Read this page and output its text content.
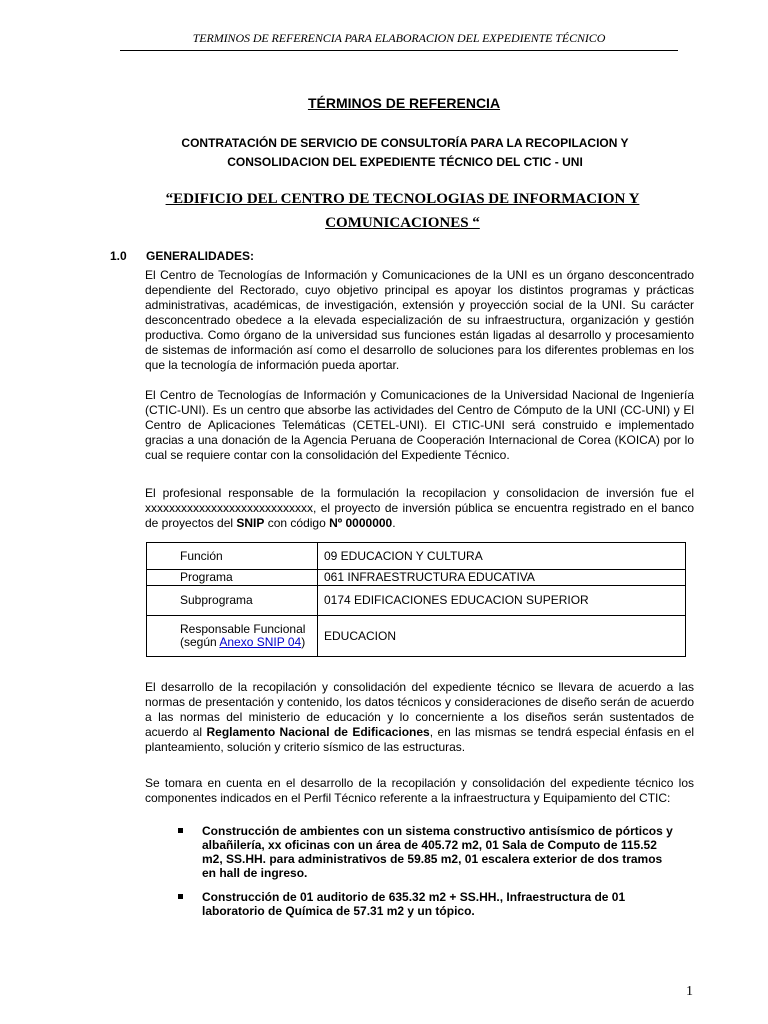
TERMINOS DE REFERENCIA PARA ELABORACION DEL EXPEDIENTE TÉCNICO
TÉRMINOS DE REFERENCIA
CONTRATACIÓN DE SERVICIO DE CONSULTORÍA PARA LA RECOPILACION Y
CONSOLIDACION DEL EXPEDIENTE TÉCNICO DEL CTIC - UNI
“EDIFICIO DEL CENTRO DE TECNOLOGIAS DE INFORMACION Y
COMUNICACIONES “
1.0 GENERALIDADES:
El Centro de Tecnologías de Información y Comunicaciones de la UNI es un órgano desconcentrado dependiente del Rectorado, cuyo objetivo principal es apoyar los distintos programas y prácticas administrativas, académicas, de investigación, extensión y proyección social de la UNI. Su carácter desconcentrado obedece a la elevada especialización de su infraestructura, organización y gestión productiva. Como órgano de la universidad sus funciones están ligadas al desarrollo y procesamiento de sistemas de información así como el desarrollo de soluciones para los diferentes problemas en los que la tecnología de información pueda aportar.
El Centro de Tecnologías de Información y Comunicaciones de la Universidad Nacional de Ingeniería (CTIC-UNI). Es un centro que absorbe las actividades del Centro de Cómputo de la UNI (CC-UNI) y El Centro de Aplicaciones Telemáticas (CETEL-UNI). El CTIC-UNI será construido e implementado gracias a una donación de la Agencia Peruana de Cooperación Internacional de Corea (KOICA) por lo cual se requiere contar con la consolidación del Expediente Técnico.
El profesional responsable de la formulación la recopilacion y consolidacion de inversión fue el xxxxxxxxxxxxxxxxxxxxxxxxxxxx, el proyecto de inversión pública se encuentra registrado en el banco de proyectos del SNIP con código Nº 0000000.
Función	09 EDUCACION Y CULTURA
Programa	061 INFRAESTRUCTURA EDUCATIVA
Subprograma	0174 EDIFICACIONES EDUCACION SUPERIOR

Responsable Funcional
(según Anexo SNIP 04)	EDUCACION
El desarrollo de la recopilación y consolidación del expediente técnico se llevara de acuerdo a las normas de presentación y contenido, los datos técnicos y consideraciones de diseño serán de acuerdo a las normas del ministerio de educación y lo concerniente a los diseños serán sustentados de acuerdo al Reglamento Nacional de Edificaciones, en las mismas se tendrá especial énfasis en el planteamiento, solución y criterio sísmico de las estructuras.
Se tomara en cuenta en el desarrollo de la recopilación y consolidación del expediente técnico los componentes indicados en el Perfil Técnico referente a la infraestructura y Equipamiento del CTIC:
Construcción de ambientes con un sistema constructivo antisísmico de pórticos y albañilería, xx oficinas con un área de 405.72 m2, 01 Sala de Computo de 115.52 m2, SS.HH. para administrativos de 59.85 m2, 01 escalera exterior de dos tramos en hall de ingreso.
Construcción de 01 auditorio de 635.32 m2 + SS.HH., Infraestructura de 01 laboratorio de Química de 57.31 m2 y un tópico.
1
